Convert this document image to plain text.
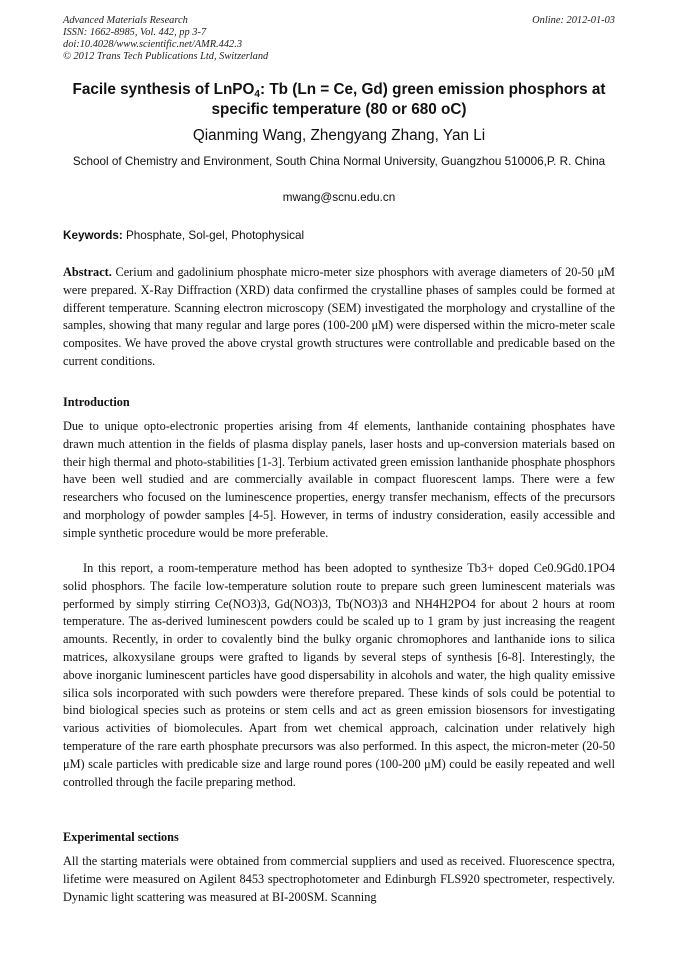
Advanced Materials Research
ISSN: 1662-8985, Vol. 442, pp 3-7
doi:10.4028/www.scientific.net/AMR.442.3
© 2012 Trans Tech Publications Ltd, Switzerland
Online: 2012-01-03
Facile synthesis of LnPO$_4$: Tb (Ln = Ce, Gd) green emission phosphors at specific temperature (80 or 680 oC)
Qianming Wang, Zhengyang Zhang, Yan Li
School of Chemistry and Environment, South China Normal University, Guangzhou 510006,P. R. China
mwang@scnu.edu.cn
Keywords: Phosphate, Sol-gel, Photophysical
Abstract. Cerium and gadolinium phosphate micro-meter size phosphors with average diameters of 20-50 μM were prepared. X-Ray Diffraction (XRD) data confirmed the crystalline phases of samples could be formed at different temperature. Scanning electron microscopy (SEM) investigated the morphology and crystalline of the samples, showing that many regular and large pores (100-200 μM) were dispersed within the micro-meter scale composites. We have proved the above crystal growth structures were controllable and predicable based on the current conditions.
Introduction
Due to unique opto-electronic properties arising from 4f elements, lanthanide containing phosphates have drawn much attention in the fields of plasma display panels, laser hosts and up-conversion materials based on their high thermal and photo-stabilities [1-3]. Terbium activated green emission lanthanide phosphate phosphors have been well studied and are commercially available in compact fluorescent lamps. There were a few researchers who focused on the luminescence properties, energy transfer mechanism, effects of the precursors and morphology of powder samples [4-5]. However, in terms of industry consideration, easily accessible and simple synthetic procedure would be more preferable.
In this report, a room-temperature method has been adopted to synthesize Tb3+ doped Ce0.9Gd0.1PO4 solid phosphors. The facile low-temperature solution route to prepare such green luminescent materials was performed by simply stirring Ce(NO3)3, Gd(NO3)3, Tb(NO3)3 and NH4H2PO4 for about 2 hours at room temperature. The as-derived luminescent powders could be scaled up to 1 gram by just increasing the reagent amounts. Recently, in order to covalently bind the bulky organic chromophores and lanthanide ions to silica matrices, alkoxysilane groups were grafted to ligands by several steps of synthesis [6-8]. Interestingly, the above inorganic luminescent particles have good dispersability in alcohols and water, the high quality emissive silica sols incorporated with such powders were therefore prepared. These kinds of sols could be potential to bind biological species such as proteins or stem cells and act as green emission biosensors for investigating various activities of biomolecules. Apart from wet chemical approach, calcination under relatively high temperature of the rare earth phosphate precursors was also performed. In this aspect, the micron-meter (20-50 μM) scale particles with predicable size and large round pores (100-200 μM) could be easily repeated and well controlled through the facile preparing method.
Experimental sections
All the starting materials were obtained from commercial suppliers and used as received. Fluorescence spectra, lifetime were measured on Agilent 8453 spectrophotometer and Edinburgh FLS920 spectrometer, respectively. Dynamic light scattering was measured at BI-200SM. Scanning
